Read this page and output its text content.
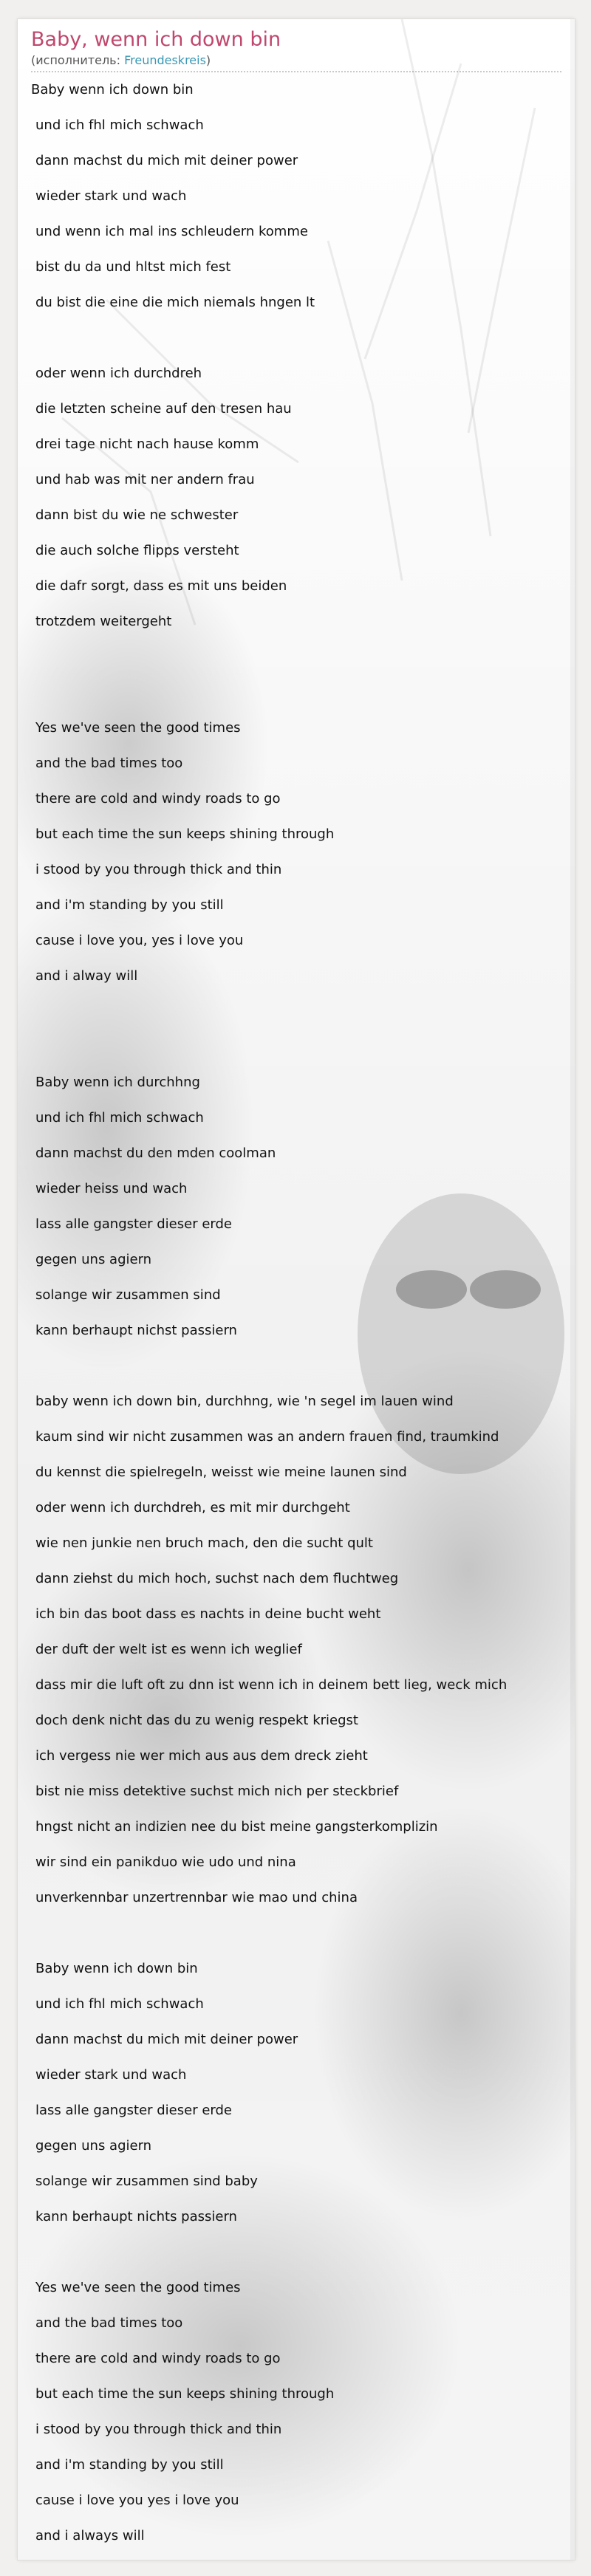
Baby, wenn ich down bin
(исполнитель: Freundeskreis)
Baby wenn ich down bin
und ich fhl mich schwach
dann machst du mich mit deiner power
wieder stark und wach
und wenn ich mal ins schleudern komme
bist du da und hltst mich fest
du bist die eine die mich niemals hngen lt
oder wenn ich durchdreh
die letzten scheine auf den tresen hau
drei tage nicht nach hause komm
und hab was mit ner andern frau
dann bist du wie ne schwester
die auch solche flipps versteht
die dafr sorgt, dass es mit uns beiden
trotzdem weitergeht
Yes we've seen the good times
and the bad times too
there are cold and windy roads to go
but each time the sun keeps shining through
i stood by you through thick and thin
and i'm standing by you still
cause i love you, yes i love you
and i alway will
Baby wenn ich durchhng
und ich fhl mich schwach
dann machst du den mden coolman
wieder heiss und wach
lass alle gangster dieser erde
gegen uns agiern
solange wir zusammen sind
kann berhaupt nichst passiern
baby wenn ich down bin, durchhng, wie 'n segel im lauen wind
kaum sind wir nicht zusammen was an andern frauen find, traumkind
du kennst die spielregeln, weisst wie meine launen sind
oder wenn ich durchdreh, es mit mir durchgeht
wie nen junkie nen bruch mach, den die sucht qult
dann ziehst du mich hoch, suchst nach dem fluchtweg
ich bin das boot dass es nachts in deine bucht weht
der duft der welt ist es wenn ich weglief
dass mir die luft oft zu dnn ist wenn ich in deinem bett lieg, weck mich
doch denk nicht das du zu wenig respekt kriegst
ich vergess nie wer mich aus aus dem dreck zieht
bist nie miss detektive suchst mich nich per steckbrief
hngst nicht an indizien nee du bist meine gangsterkomplizin
wir sind ein panikduo wie udo und nina
unverkennbar unzertrennbar wie mao und china
Baby wenn ich down bin
und ich fhl mich schwach
dann machst du mich mit deiner power
wieder stark und wach
lass alle gangster dieser erde
gegen uns agiern
solange wir zusammen sind baby
kann berhaupt nichts passiern
Yes we've seen the good times
and the bad times too
there are cold and windy roads to go
but each time the sun keeps shining through
i stood by you through thick and thin
and i'm standing by you still
cause i love you yes i love you
and i always will
